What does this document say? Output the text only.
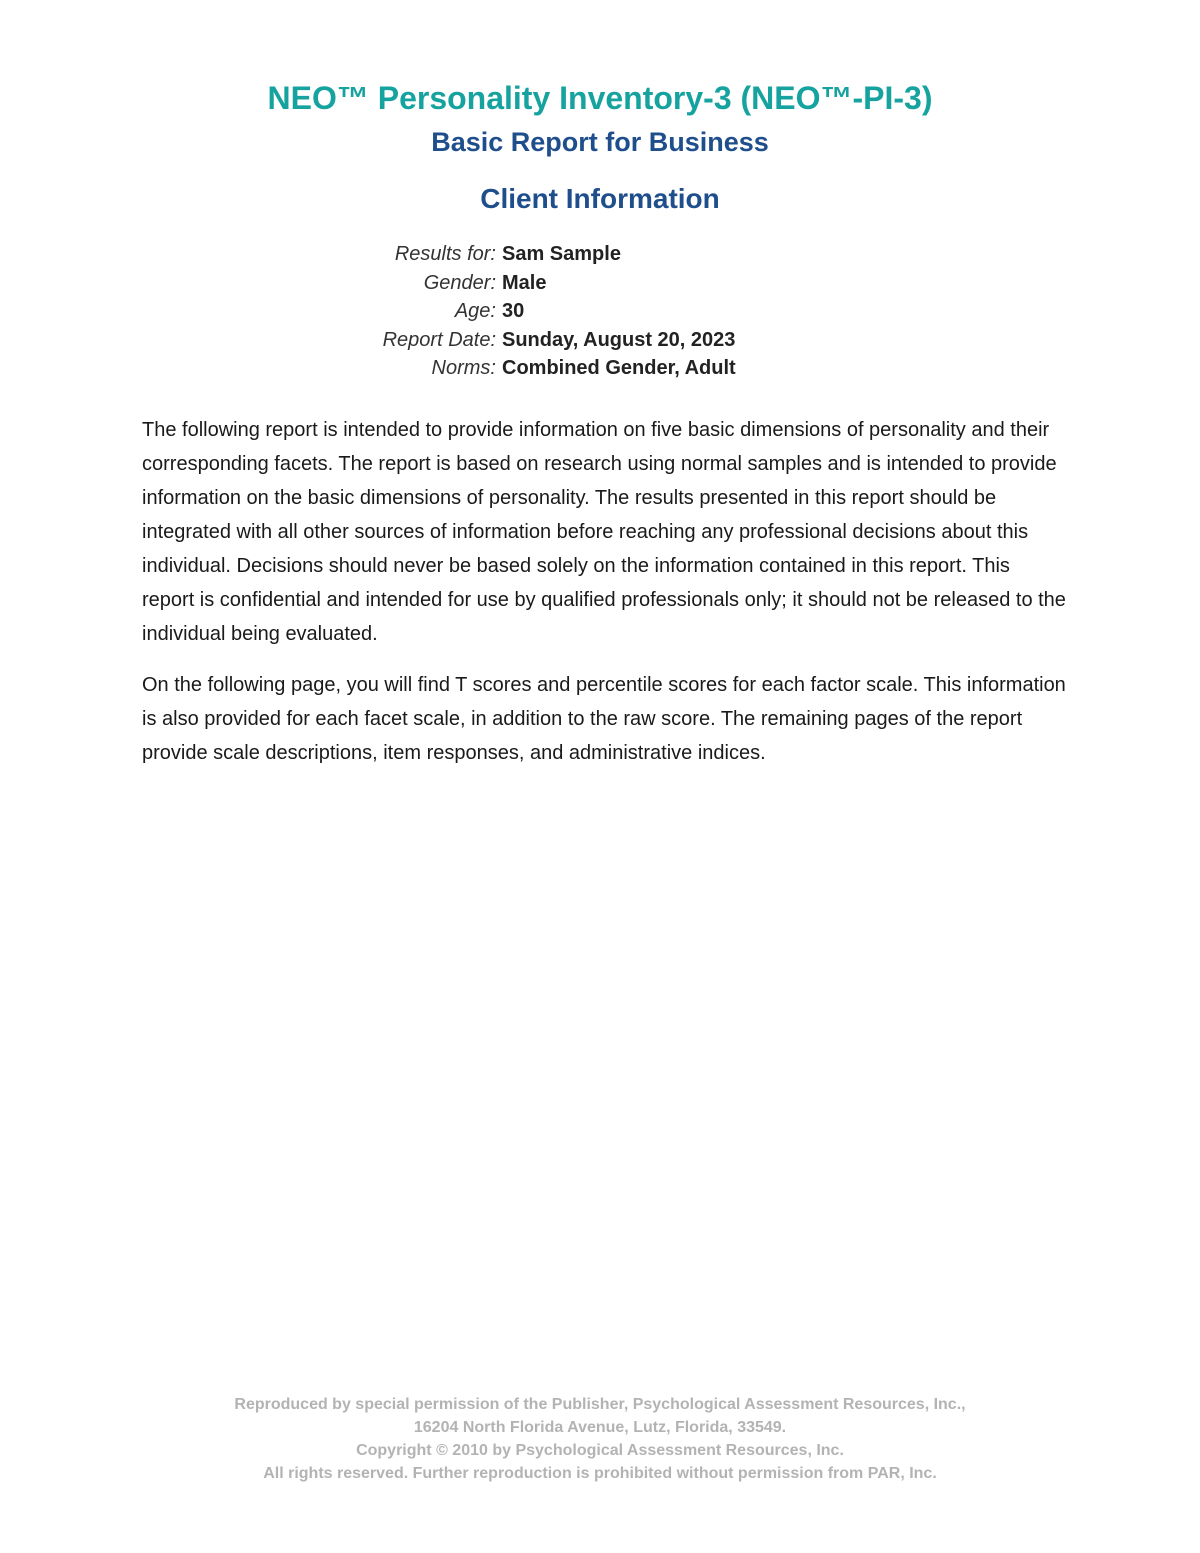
NEO™ Personality Inventory-3 (NEO™-PI-3)
Basic Report for Business
Client Information
Results for: Sam Sample
Gender: Male
Age: 30
Report Date: Sunday, August 20, 2023
Norms: Combined Gender, Adult

The following report is intended to provide information on five basic dimensions of personality and their corresponding facets. The report is based on research using normal samples and is intended to provide information on the basic dimensions of personality. The results presented in this report should be integrated with all other sources of information before reaching any professional decisions about this individual. Decisions should never be based solely on the information contained in this report. This report is confidential and intended for use by qualified professionals only; it should not be released to the individual being evaluated.

On the following page, you will find T scores and percentile scores for each factor scale. This information is also provided for each facet scale, in addition to the raw score. The remaining pages of the report provide scale descriptions, item responses, and administrative indices.

Reproduced by special permission of the Publisher, Psychological Assessment Resources, Inc.,
16204 North Florida Avenue, Lutz, Florida, 33549.
Copyright © 2010 by Psychological Assessment Resources, Inc.
All rights reserved. Further reproduction is prohibited without permission from PAR, Inc.
